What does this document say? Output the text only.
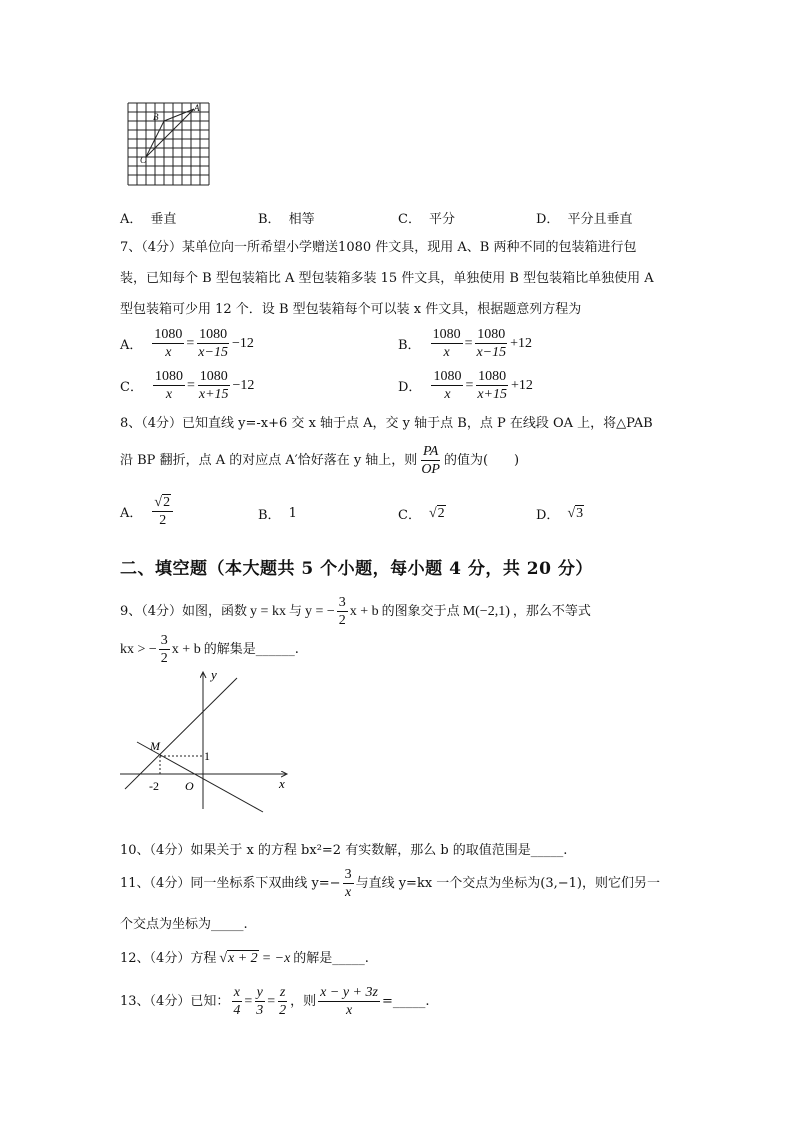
A
B
C
A． 垂直	B． 相等	C． 平分	D． 平分且垂直
7、（4分）某单位向一所希望小学赠送1080 件文具，现用 A、B 两种不同的包装箱进行包
装，已知每个 B 型包装箱比 A 型包装箱多装 15 件文具，单独使用 B 型包装箱比单独使用 A
型包装箱可少用 12 个．设 B 型包装箱每个可以装 x 件文具，根据题意列方程为
A． $\frac{1080}{x} = \frac{1080}{x-15} -12$	B． $\frac{1080}{x} = \frac{1080}{x-15} +12$
C． $\frac{1080}{x} = \frac{1080}{x+15} -12$	D． $\frac{1080}{x} = \frac{1080}{x+15} +12$
8、（4分）已知直线 y=-x+6 交 x 轴于点 A，交 y 轴于点 B，点 P 在线段 OA 上，将△PAB
沿 BP 翻折，点 A 的对应点 A′恰好落在 y 轴上，则 $\frac{PA}{OP}$ 的值为(　　)
A． $\frac{√2}{2}$	B． 1	C． √ 2	D． √ 3
二、填空题（本大题共 5 个小题，每小题 4 分，共 20 分）
9、（4分）如图，函数 y = kx 与 y = − $\frac{3}{2}$ x + b 的图象交于点 M(−2,1) ，那么不等式
kx > − $\frac{3}{2}$ x + b 的解集是______.
y
x
M
1
-2 O
10、（4分）如果关于 x 的方程 bx²=2 有实数解，那么 b 的取值范围是_____.
11、（4分）同一坐标系下双曲线 $y=- \frac{3}{x}$ 与直线 y=kx 一个交点为坐标为(3,−1)，则它们另一
个交点为坐标为_____.
12、（4分）方程 √ x + 2 = −x 的解是_____.
13、（4分）已知： $\frac{x}{4} = \frac{y}{3} = \frac{z}{2}$ ，则 $\frac{x - y + 3z}{x}$ =_____.
